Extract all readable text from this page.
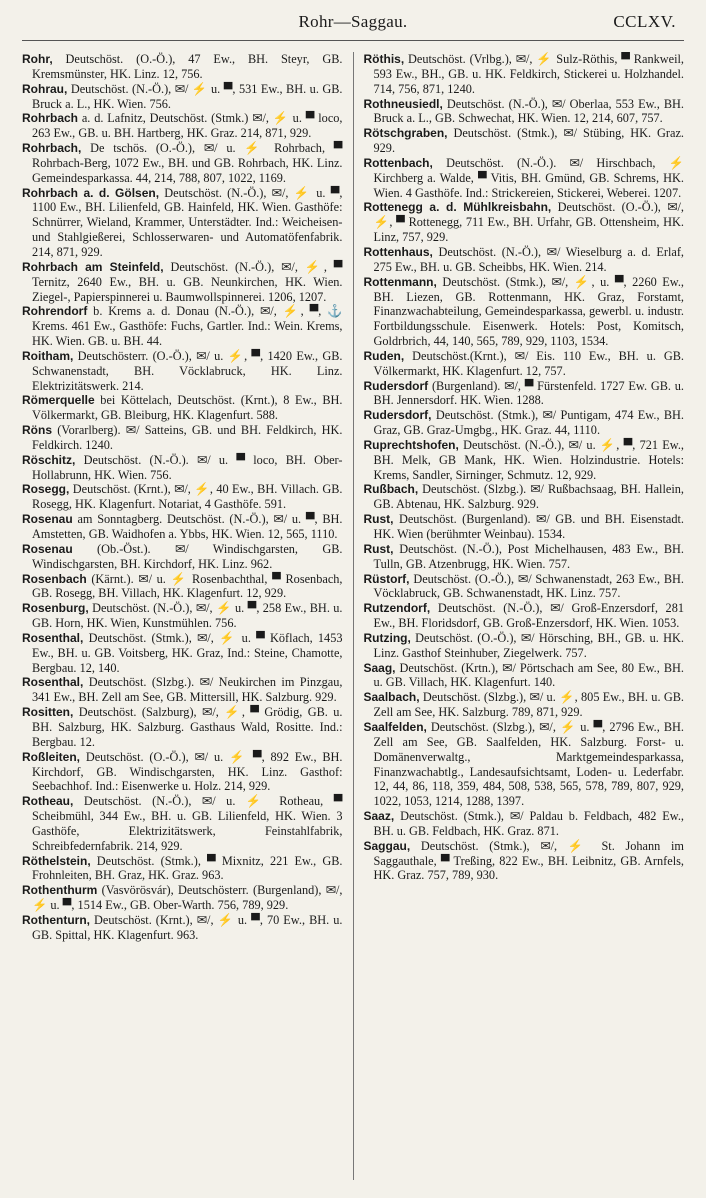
Rohr—Saggau.	CCLXV.

Rohr, Deutschöst. (O.-Ö.), 47 Ew., BH. Steyr, GB. Kremsmünster, HK. Linz. 12, 756.

Rohrau, Deutschöst. (N.-Ö.), ✉/ ⚡ u. ▀, 531 Ew., BH. u. GB. Bruck a. L., HK. Wien. 756.

Rohrbach a. d. Lafnitz, Deutschöst. (Stmk.) ✉/, ⚡ u. ▀ loco, 263 Ew., GB. u. BH. Hartberg, HK. Graz. 214, 871, 929.

Rohrbach, De tschös. (O.-Ö.), ✉/ u. ⚡ Rohrbach, ▀ Rohrbach-Berg, 1072 Ew., BH. und GB. Rohrbach, HK. Linz. Gemeindesparkassa. 44, 214, 788, 807, 1022, 1169.

Rohrbach a. d. Gölsen, Deutschöst. (N.-Ö.), ✉/, ⚡ u. ▀, 1100 Ew., BH. Lilienfeld, GB. Hainfeld, HK. Wien. Gasthöfe: Schnürrer, Wieland, Krammer, Unterstädter. Ind.: Weicheisen- und Stahlgießerei, Schlosserwaren- und Automatöfenfabrik. 214, 871, 929.

Rohrbach am Steinfeld, Deutschöst. (N.-Ö.), ✉/, ⚡, ▀ Ternitz, 2640 Ew., BH. u. GB. Neunkirchen, HK. Wien. Ziegel-, Papierspinnerei u. Baumwollspinnerei. 1206, 1207.

Rohrendorf b. Krems a. d. Donau (N.-Ö.), ✉/, ⚡, ▀, ⚓ Krems. 461 Ew., Gasthöfe: Fuchs, Gartler. Ind.: Wein. Krems, HK. Wien. GB. u. BH. 44.

Roitham, Deutschösterr. (O.-Ö.), ✉/ u. ⚡, ▀, 1420 Ew., GB. Schwanenstadt, BH. Vöcklabruck, HK. Linz. Elektrizitätswerk. 214.

Römerquelle bei Köttelach, Deutschöst. (Krnt.), 8 Ew., BH. Völkermarkt, GB. Bleiburg, HK. Klagenfurt. 588.

Röns (Vorarlberg). ✉/ Satteins, GB. und BH. Feldkirch, HK. Feldkirch. 1240.

Röschitz, Deutschöst. (N.-Ö.). ✉/ u. ▀ loco, BH. Ober-Hollabrunn, HK. Wien. 756.

Rosegg, Deutschöst. (Krnt.), ✉/, ⚡, 40 Ew., BH. Villach. GB. Rosegg, HK. Klagenfurt. Notariat, 4 Gasthöfe. 591.

Rosenau am Sonntagberg. Deutschöst. (N.-Ö.), ✉/ u. ▀, BH. Amstetten, GB. Waidhofen a. Ybbs, HK. Wien. 12, 565, 1110.

Rosenau (Ob.-Öst.). ✉/ Windischgarsten, GB. Windischgarsten, BH. Kirchdorf, HK. Linz. 962.

Rosenbach (Kärnt.). ✉/ u. ⚡ Rosenbachthal, ▀ Rosenbach, GB. Rosegg, BH. Villach, HK. Klagenfurt. 12, 929.

Rosenburg, Deutschöst. (N.-Ö.), ✉/, ⚡ u. ▀, 258 Ew., BH. u. GB. Horn, HK. Wien, Kunstmühlen. 756.

Rosenthal, Deutschöst. (Stmk.), ✉/, ⚡ u. ▀ Köflach, 1453 Ew., BH. u. GB. Voitsberg, HK. Graz, Ind.: Steine, Chamotte, Bergbau. 12, 140.

Rosenthal, Deutschöst. (Slzbg.). ✉/ Neukirchen im Pinzgau, 341 Ew., BH. Zell am See, GB. Mittersill, HK. Salzburg. 929.

Rositten, Deutschöst. (Salzburg), ✉/, ⚡, ▀ Grödig, GB. u. BH. Salzburg, HK. Salzburg. Gasthaus Wald, Rositte. Ind.: Bergbau. 12.

Roßleiten, Deutschöst. (O.-Ö.), ✉/ u. ⚡ ▀, 892 Ew., BH. Kirchdorf, GB. Windischgarsten, HK. Linz. Gasthof: Seebachhof. Ind.: Eisenwerke u. Holz. 214, 929.

Rotheau, Deutschöst. (N.-Ö.), ✉/ u. ⚡ Rotheau, ▀ Scheibmühl, 344 Ew., BH. u. GB. Lilienfeld, HK. Wien. 3 Gasthöfe, Elektrizitätswerk, Feinstahlfabrik, Schreibfedernfabrik. 214, 929.

Röthelstein, Deutschöst. (Stmk.), ▀ Mixnitz, 221 Ew., GB. Frohnleiten, BH. Graz, HK. Graz. 963.

Rothenthurm (Vasvörösvár), Deutschösterr. (Burgenland), ✉/, ⚡ u. ▀, 1514 Ew., GB. Ober-Warth. 756, 789, 929.

Rothenturn, Deutschöst. (Krnt.), ✉/, ⚡ u. ▀, 70 Ew., BH. u. GB. Spittal, HK. Klagenfurt. 963.

Röthis, Deutschöst. (Vrlbg.), ✉/, ⚡ Sulz-Röthis, ▀ Rankweil, 593 Ew., BH., GB. u. HK. Feldkirch, Stickerei u. Holzhandel. 714, 756, 871, 1240.

Rothneusiedl, Deutschöst. (N.-Ö.), ✉/ Oberlaa, 553 Ew., BH. Bruck a. L., GB. Schwechat, HK. Wien. 12, 214, 607, 757.

Rötschgraben, Deutschöst. (Stmk.), ✉/ Stübing, HK. Graz. 929.

Rottenbach, Deutschöst. (N.-Ö.). ✉/ Hirschbach, ⚡ Kirchberg a. Walde, ▀ Vitis, BH. Gmünd, GB. Schrems, HK. Wien. 4 Gasthöfe. Ind.: Strickereien, Stickerei, Weberei. 1207.

Rottenegg a. d. Mühlkreisbahn, Deutschöst. (O.-Ö.), ✉/, ⚡, ▀ Rottenegg, 711 Ew., BH. Urfahr, GB. Ottensheim, HK. Linz, 757, 929.

Rottenhaus, Deutschöst. (N.-Ö.), ✉/ Wieselburg a. d. Erlaf, 275 Ew., BH. u. GB. Scheibbs, HK. Wien. 214.

Rottenmann, Deutschöst. (Stmk.), ✉/, ⚡, u. ▀, 2260 Ew., BH. Liezen, GB. Rottenmann, HK. Graz, Forstamt, Finanzwachabteilung, Gemeindesparkassa, gewerbl. u. industr. Fortbildungsschule. Eisenwerk. Hotels: Post, Komitsch, Goldrbrich, 44, 140, 565, 789, 929, 1103, 1534.

Ruden, Deutschöst.(Krnt.), ✉/ Eis. 110 Ew., BH. u. GB. Völkermarkt, HK. Klagenfurt. 12, 757.

Rudersdorf (Burgenland). ✉/, ▀ Fürstenfeld. 1727 Ew. GB. u. BH. Jennersdorf. HK. Wien. 1288.

Rudersdorf, Deutschöst. (Stmk.), ✉/ Puntigam, 474 Ew., BH. Graz, GB. Graz-Umgbg., HK. Graz. 44, 1110.

Ruprechtshofen, Deutschöst. (N.-Ö.), ✉/ u. ⚡, ▀, 721 Ew., BH. Melk, GB Mank, HK. Wien. Holzindustrie. Hotels: Krems, Sandler, Sirninger, Schmutz. 12, 929.

Rußbach, Deutschöst. (Slzbg.). ✉/ Rußbachsaag, BH. Hallein, GB. Abtenau, HK. Salzburg. 929.

Rust, Deutschöst. (Burgenland). ✉/ GB. und BH. Eisenstadt. HK. Wien (berühmter Weinbau). 1534.

Rust, Deutschöst. (N.-Ö.), Post Michelhausen, 483 Ew., BH. Tulln, GB. Atzenbrugg, HK. Wien. 757.

Rüstorf, Deutschöst. (O.-Ö.), ✉/ Schwanenstadt, 263 Ew., BH. Vöcklabruck, GB. Schwanenstadt, HK. Linz. 757.

Rutzendorf, Deutschöst. (N.-Ö.), ✉/ Groß-Enzersdorf, 281 Ew., BH. Floridsdorf, GB. Groß-Enzersdorf, HK. Wien. 1053.

Rutzing, Deutschöst. (O.-Ö.), ✉/ Hörsching, BH., GB. u. HK. Linz. Gasthof Steinhuber, Ziegelwerk. 757.

Saag, Deutschöst. (Krtn.), ✉/ Pörtschach am See, 80 Ew., BH. u. GB. Villach, HK. Klagenfurt. 140.

Saalbach, Deutschöst. (Slzbg.), ✉/ u. ⚡, 805 Ew., BH. u. GB. Zell am See, HK. Salzburg. 789, 871, 929.

Saalfelden, Deutschöst. (Slzbg.), ✉/, ⚡ u. ▀, 2796 Ew., BH. Zell am See, GB. Saalfelden, HK. Salzburg. Forst- u. Domänenverwaltg., Marktgemeindesparkassa, Finanzwachabtlg., Landesaufsichtsamt, Loden- u. Lederfabr. 12, 44, 86, 118, 359, 484, 508, 538, 565, 578, 789, 807, 929, 1022, 1053, 1214, 1288, 1397.

Saaz, Deutschöst. (Stmk.), ✉/ Paldau b. Feldbach, 482 Ew., BH. u. GB. Feldbach, HK. Graz. 871.

Saggau, Deutschöst. (Stmk.), ✉/, ⚡ St. Johann im Saggauthale, ▀ Treßing, 822 Ew., BH. Leibnitz, GB. Arnfels, HK. Graz. 757, 789, 930.
